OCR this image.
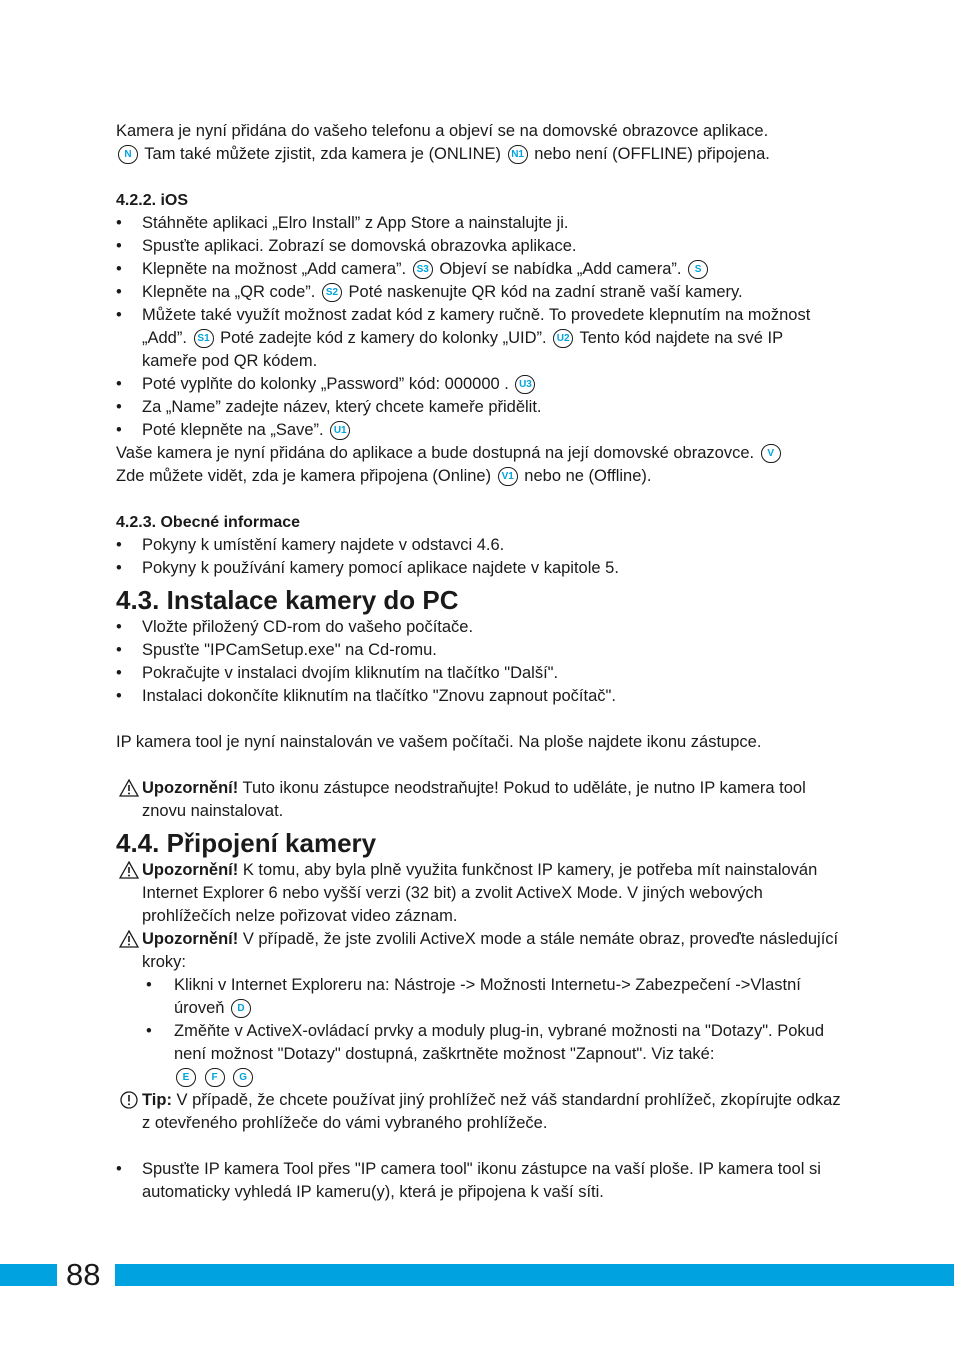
Kamera je nyní přidána do vašeho telefonu a objeví se na domovské obrazovce aplikace.
N Tam také můžete zjistit, zda kamera je (ONLINE) N1 nebo není (OFFLINE) připojena.

4.2.2. iOS
• Stáhněte aplikaci „Elro Install” z App Store a nainstalujte ji.
• Spusťte aplikaci. Zobrazí se domovská obrazovka aplikace.
• Klepněte na možnost „Add camera”. S3 Objeví se nabídka „Add camera”. S
• Klepněte na „QR code”. S2 Poté naskenujte QR kód na zadní straně vaší kamery.
• Můžete také využít možnost zadat kód z kamery ručně. To provedete klepnutím na možnost „Add”. S1 Poté zadejte kód z kamery do kolonky „UID”. U2 Tento kód najdete na své IP kameře pod QR kódem.
• Poté vyplňte do kolonky „Password” kód: 000000 . U3
• Za „Name” zadejte název, který chcete kameře přidělit.
• Poté klepněte na „Save”. U1

Vaše kamera je nyní přidána do aplikace a bude dostupná na její domovské obrazovce. V
Zde můžete vidět, zda je kamera připojena (Online) V1 nebo ne (Offline).

4.2.3. Obecné informace
• Pokyny k umístění kamery najdete v odstavci 4.6.
• Pokyny k používání kamery pomocí aplikace najdete v kapitole 5.
4.3. Instalace kamery do PC
• Vložte přiložený CD-rom do vašeho počítače.
• Spusťte "IPCamSetup.exe" na Cd-romu.
• Pokračujte v instalaci dvojím kliknutím na tlačítko "Další".
• Instalaci dokončíte kliknutím na tlačítko "Znovu zapnout počítač".

IP kamera tool je nyní nainstalován ve vašem počítači. Na ploše najdete ikonu zástupce.

Upozornění! Tuto ikonu zástupce neodstraňujte! Pokud to uděláte, je nutno IP kamera tool znovu nainstalovat.
4.4. Připojení kamery
Upozornění! K tomu, aby byla plně využita funkčnost IP kamery, je potřeba mít nainstalován Internet Explorer 6 nebo vyšší verzi (32 bit) a zvolit ActiveX Mode. V jiných webových prohlížečích nelze pořizovat video záznam.
Upozornění! V případě, že jste zvolili ActiveX mode a stále nemáte obraz, proveďte následující kroky:
• Klikni v Internet Exploreru na: Nástroje -> Možnosti Internetu-> Zabezpečení ->Vlastní úroveň D
• Změňte v ActiveX-ovládací prvky a moduly plug-in, vybrané možnosti na "Dotazy". Pokud není možnost "Dotazy" dostupná, zaškrtněte možnost "Zapnout". Viz také:
E F G
Tip: V případě, že chcete používat jiný prohlížeč než váš standardní prohlížeč, zkopírujte odkaz z otevřeného prohlížeče do vámi vybraného prohlížeče.
• Spusťte IP kamera Tool přes "IP camera tool" ikonu zástupce na vaší ploše. IP kamera tool si automaticky vyhledá IP kameru(y), která je připojena k vaší síti.
88
